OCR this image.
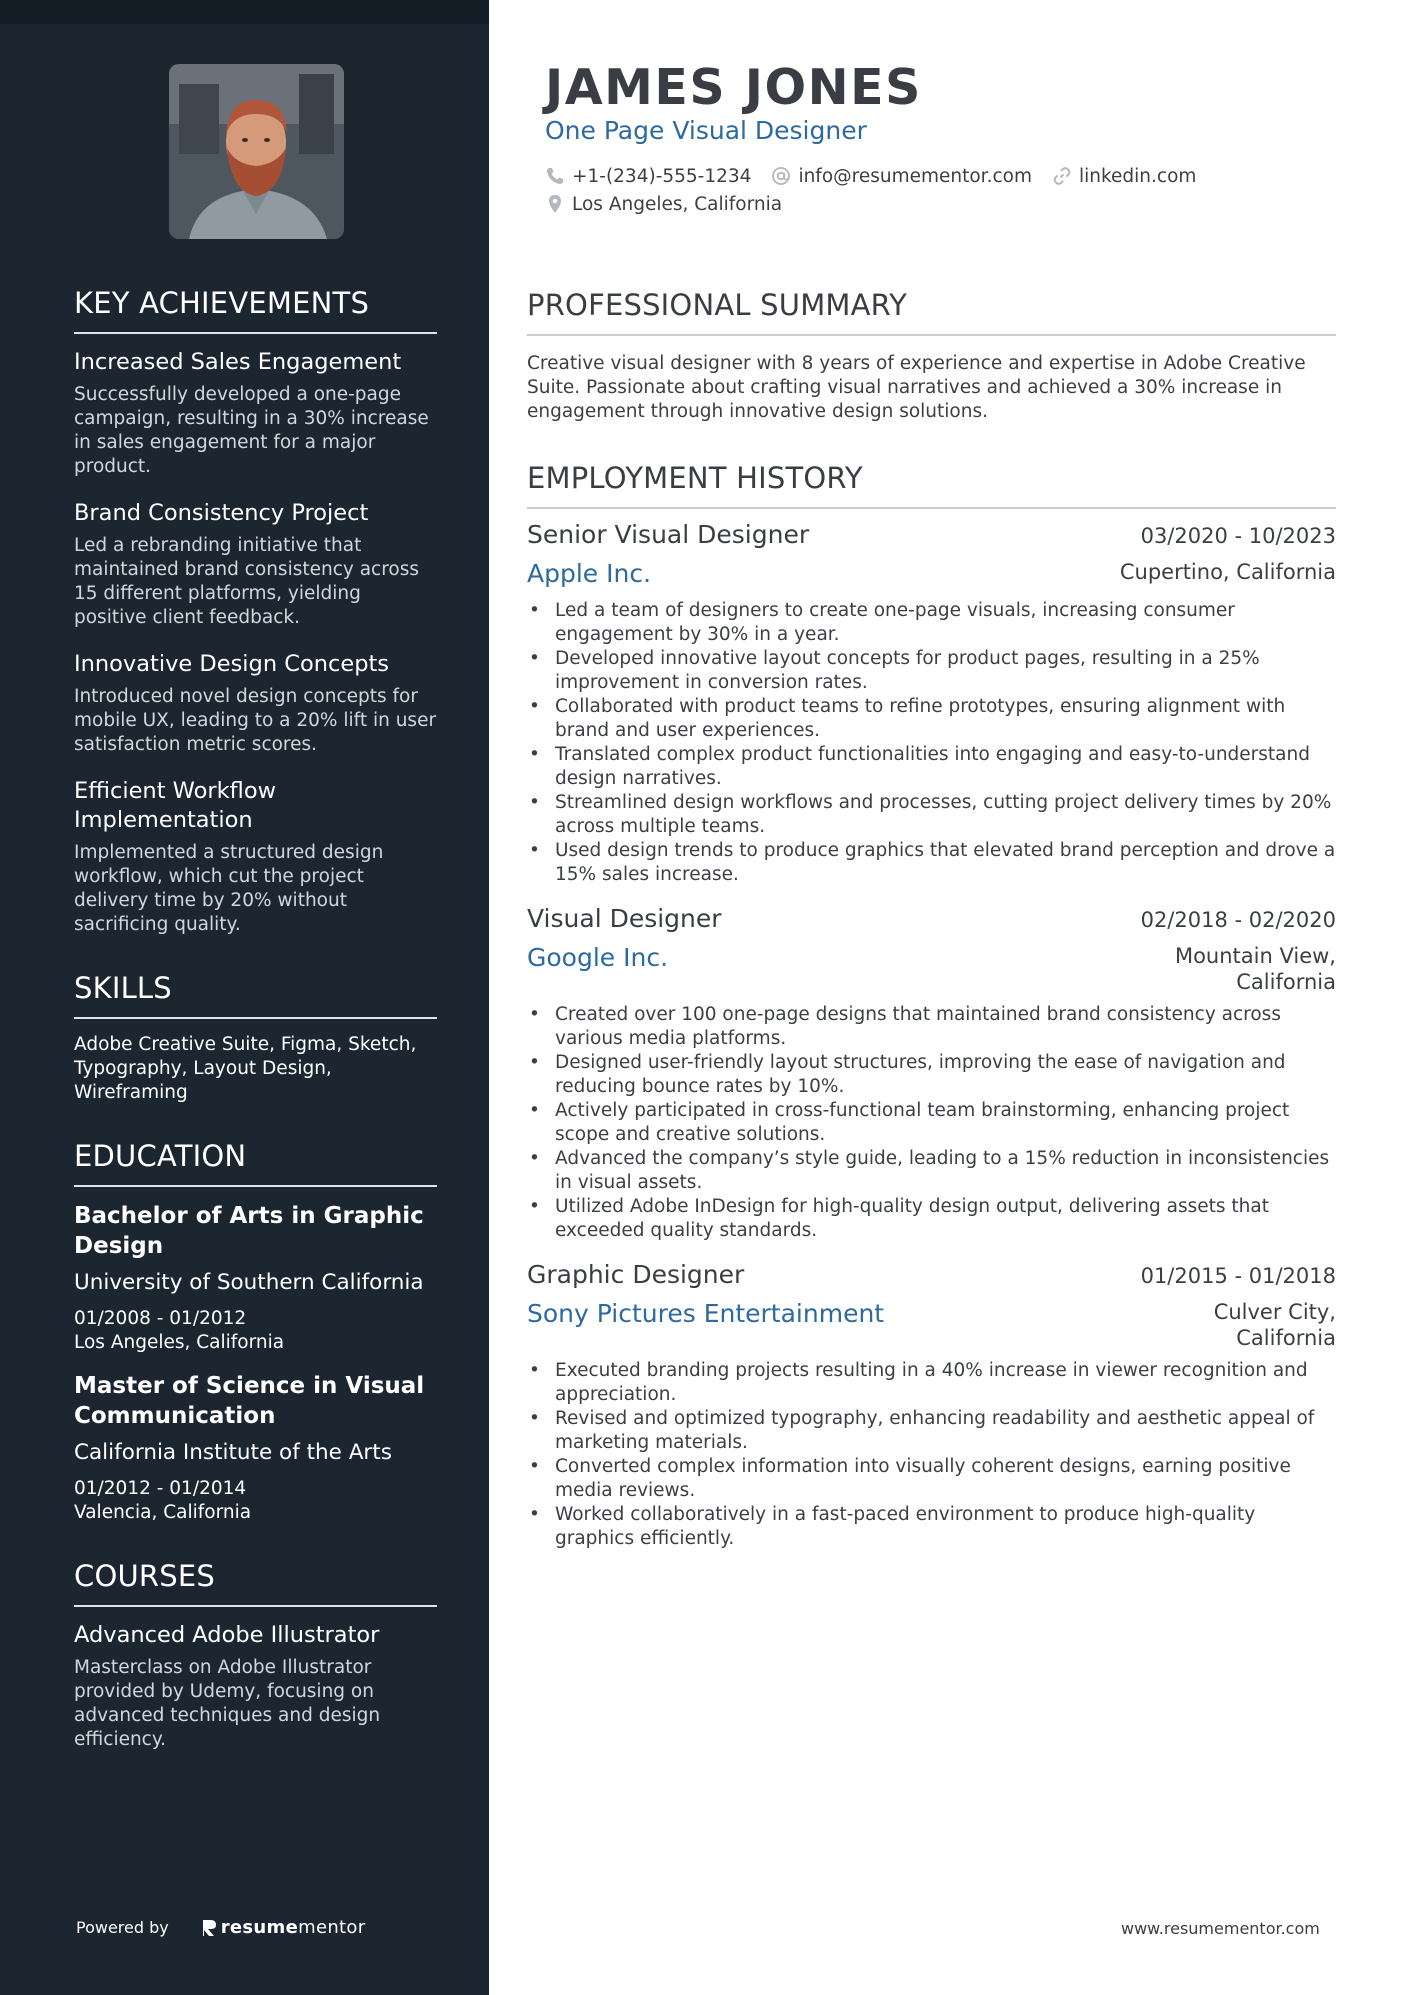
KEY ACHIEVEMENTS
Increased Sales Engagement
Successfully developed a one-page campaign, resulting in a 30% increase in sales engagement for a major product.
Brand Consistency Project
Led a rebranding initiative that maintained brand consistency across 15 different platforms, yielding positive client feedback.
Innovative Design Concepts
Introduced novel design concepts for mobile UX, leading to a 20% lift in user satisfaction metric scores.
Efficient Workflow Implementation
Implemented a structured design workflow, which cut the project delivery time by 20% without sacrificing quality.
SKILLS
Adobe Creative Suite, Figma, Sketch, Typography, Layout Design, Wireframing
EDUCATION
Bachelor of Arts in Graphic Design
University of Southern California
01/2008 - 01/2012
Los Angeles, California
Master of Science in Visual Communication
California Institute of the Arts
01/2012 - 01/2014Valencia, California
COURSES
Advanced Adobe Illustrator
Masterclass on Adobe Illustrator provided by Udemy, focusing on advanced techniques and design efficiency.
Powered by	resume mentor
JAMES JONES
One Page Visual Designer
+1-(234)-555-1234	info@resumementor.com	linkedin.com
Los Angeles, California
PROFESSIONAL SUMMARY
Creative visual designer with 8 years of experience and expertise in Adobe Creative Suite. Passionate about crafting visual narratives and achieved a 30% increase in engagement through innovative design solutions.
EMPLOYMENT HISTORY
Senior Visual Designer	03/2020 - 10/2023
Apple Inc.	Cupertino, California
• Led a team of designers to create one-page visuals, increasing consumer engagement by 30% in a year.
• Developed innovative layout concepts for product pages, resulting in a 25% improvement in conversion rates.
• Collaborated with product teams to refine prototypes, ensuring alignment with brand and user experiences.
• Translated complex product functionalities into engaging and easy-to-understand design narratives.
• Streamlined design workflows and processes, cutting project delivery times by 20% across multiple teams.
• Used design trends to produce graphics that elevated brand perception and drove a 15% sales increase.
Visual Designer	02/2018 - 02/2020
Google Inc.	Mountain View, California
• Created over 100 one-page designs that maintained brand consistency across various media platforms.
• Designed user-friendly layout structures, improving the ease of navigation and reducing bounce rates by 10%.
• Actively participated in cross-functional team brainstorming, enhancing project scope and creative solutions.
• Advanced the company’s style guide, leading to a 15% reduction in inconsistencies in visual assets.
• Utilized Adobe InDesign for high-quality design output, delivering assets that exceeded quality standards.
Graphic Designer	01/2015 - 01/2018
Sony Pictures Entertainment	Culver City, California
• Executed branding projects resulting in a 40% increase in viewer recognition and appreciation.
• Revised and optimized typography, enhancing readability and aesthetic appeal of marketing materials.
• Converted complex information into visually coherent designs, earning positive media reviews.
• Worked collaboratively in a fast-paced environment to produce high-quality graphics efficiently.
www.resumementor.com
